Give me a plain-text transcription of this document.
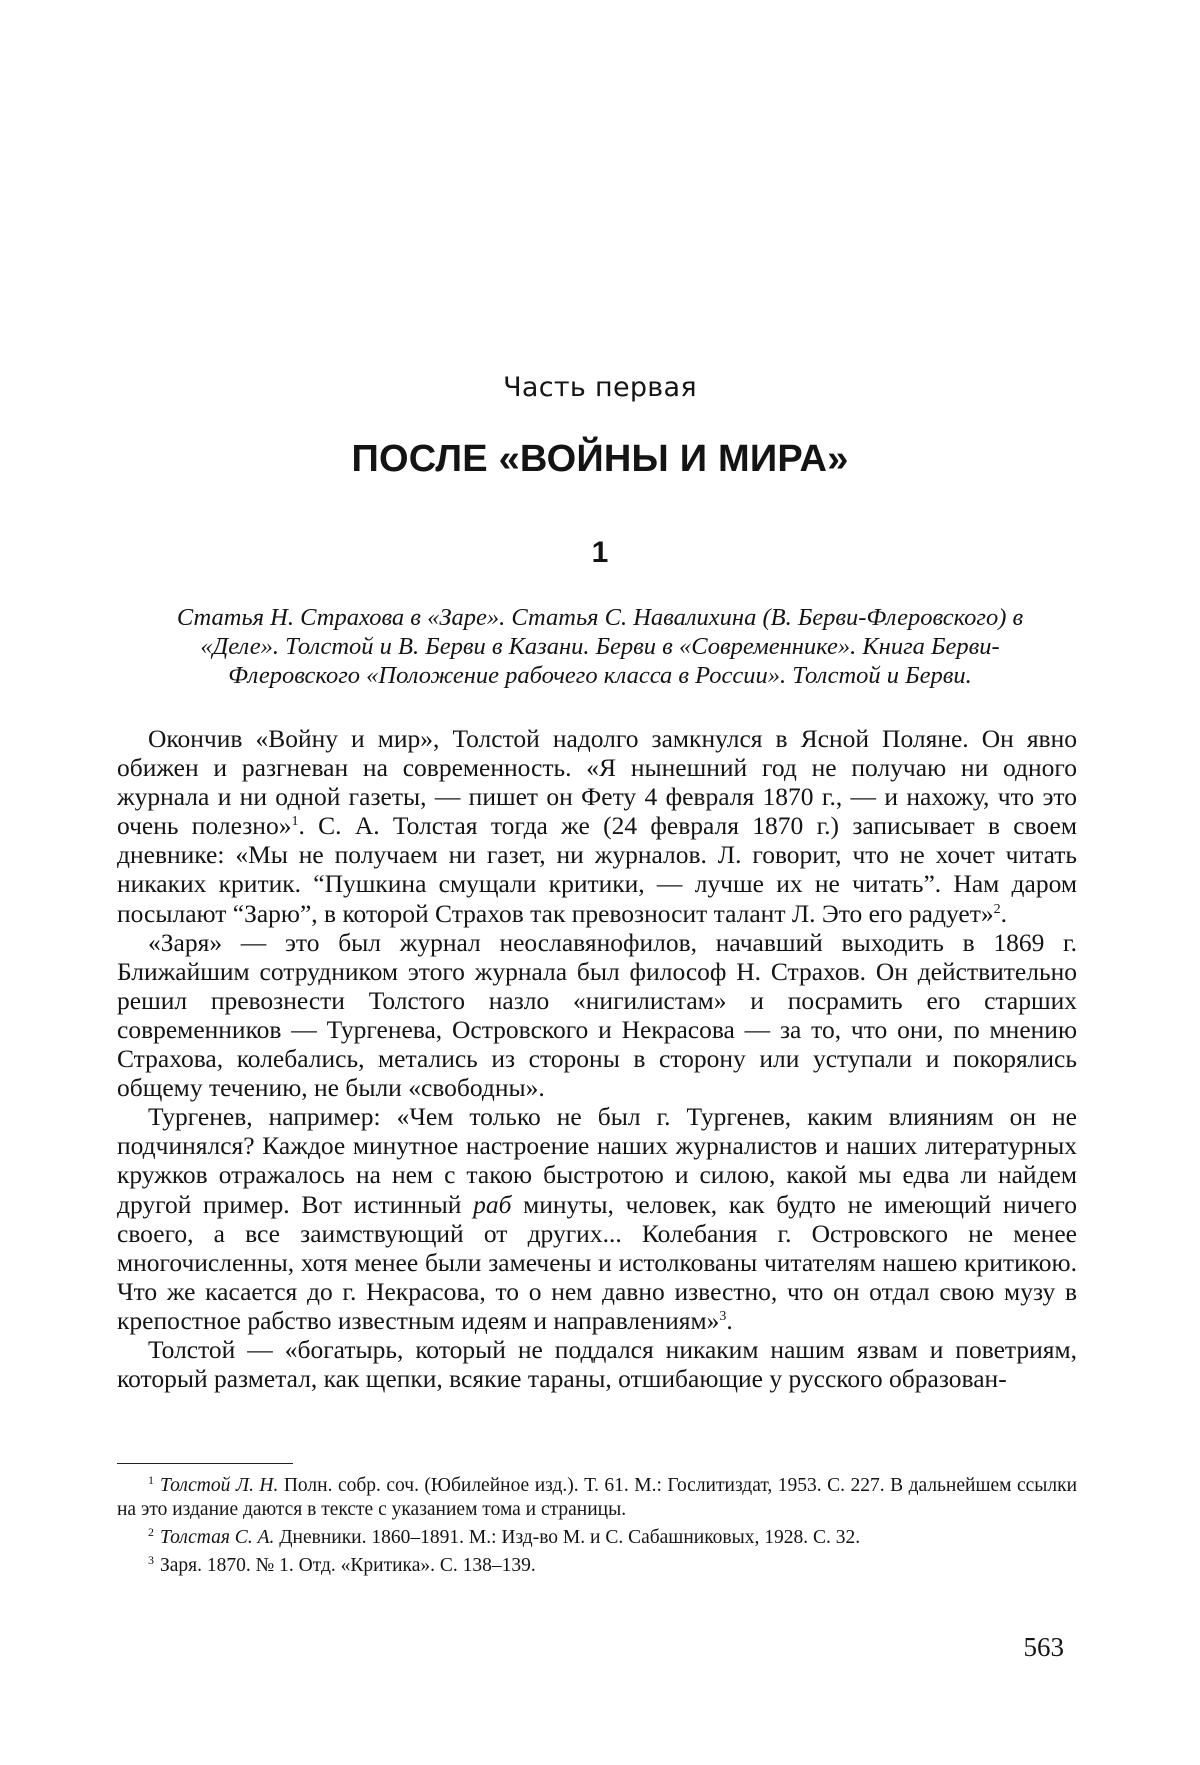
Часть первая
ПОСЛЕ «ВОЙНЫ И МИРА»
1

Статья Н. Страхова в «Заре». Статья С. Навалихина (В. Берви-Флеровского) в «Деле». Толстой и В. Берви в Казани. Берви в «Современнике». Книга Берви-Флеровского «Положение рабочего класса в России». Толстой и Берви.

Окончив «Войну и мир», Толстой надолго замкнулся в Ясной Поляне. Он явно обижен и разгневан на современность. «Я нынешний год не получаю ни одного журнала и ни одной газеты, — пишет он Фету 4 февраля 1870 г., — и нахожу, что это очень полезно»$^1$. С. А. Толстая тогда же (24 февраля 1870 г.) записывает в своем дневнике: «Мы не получаем ни газет, ни журналов. Л. говорит, что не хочет читать никаких критик. “Пушкина смущали критики, — лучше их не читать”. Нам даром посылают “Зарю”, в которой Страхов так превозносит талант Л. Это его радует»$^2$.

«Заря» — это был журнал неославянофилов, начавший выходить в 1869 г. Ближайшим сотрудником этого журнала был философ Н. Страхов. Он действительно решил превознести Толстого назло «нигилистам» и посрамить его старших современников — Тургенева, Островского и Некрасова — за то, что они, по мнению Страхова, колебались, метались из стороны в сторону или уступали и покорялись общему течению, не были «свободны».

Тургенев, например: «Чем только не был г. Тургенев, каким влияниям он не подчинялся? Каждое минутное настроение наших журналистов и наших литературных кружков отражалось на нем с такою быстротою и силою, какой мы едва ли найдем другой пример. Вот истинный раб минуты, человек, как будто не имеющий ничего своего, а все заимствующий от других... Колебания г. Островского не менее многочисленны, хотя менее были замечены и истолкованы читателям нашею критикою. Что же касается до г. Некрасова, то о нем давно известно, что он отдал свою музу в крепостное рабство известным идеям и направлениям»$^3$.

Толстой — «богатырь, который не поддался никаким нашим язвам и поветриям, который разметал, как щепки, всякие тараны, отшибающие у русского образован-

$^1$ Толстой Л. Н. Полн. собр. соч. (Юбилейное изд.). Т. 61. М.: Гослитиздат, 1953. С. 227. В дальнейшем ссылки на это издание даются в тексте с указанием тома и страницы.

$^2$ Толстая С. А. Дневники. 1860–1891. М.: Изд-во М. и С. Сабашниковых, 1928. С. 32.

$^3$ Заря. 1870. № 1. Отд. «Критика». С. 138–139.

563
